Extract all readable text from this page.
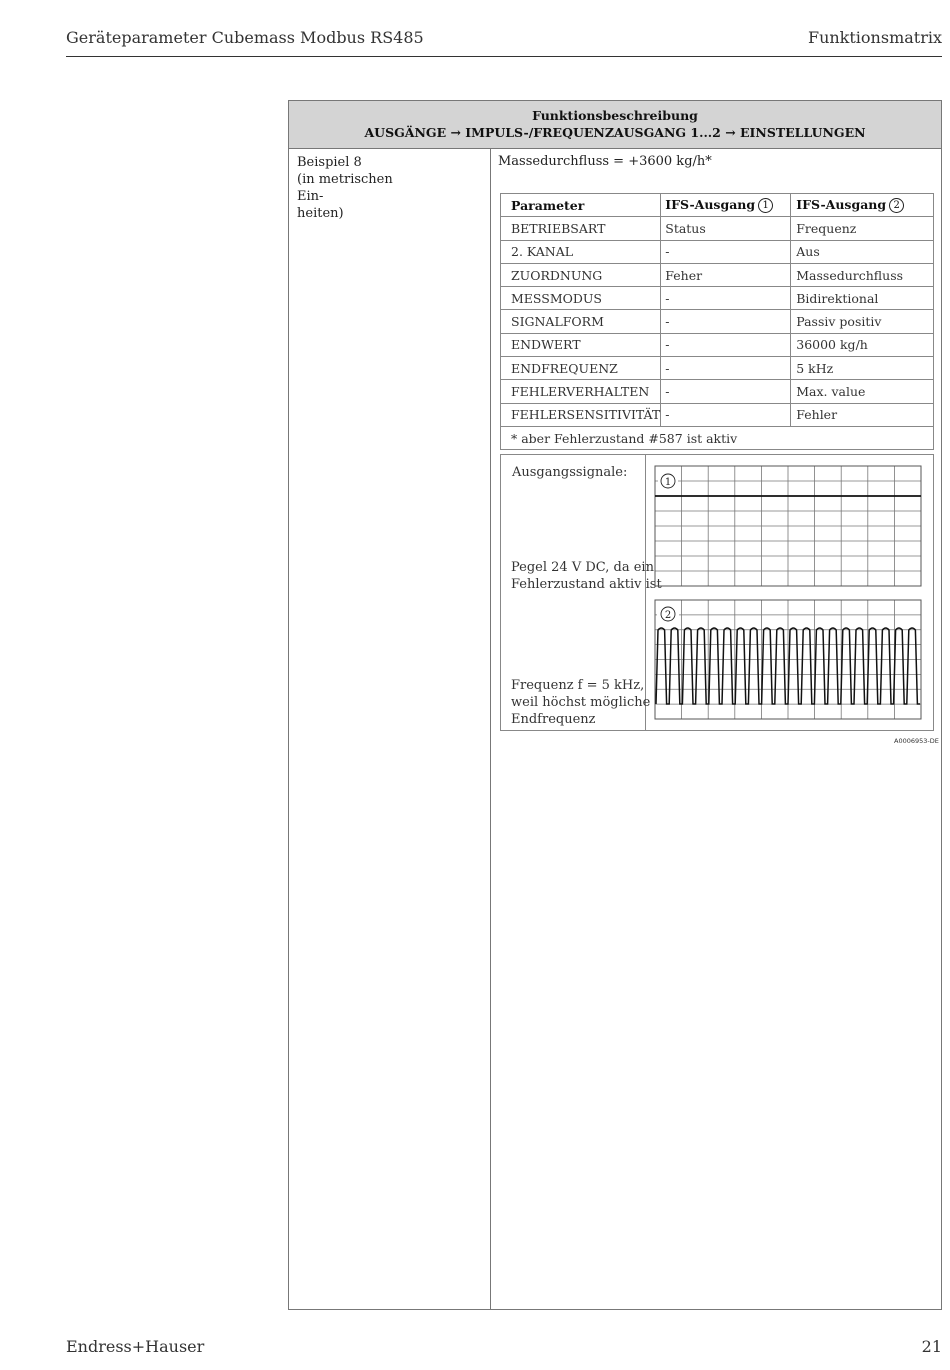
Geräteparameter Cubemass Modbus RS485	Funktionsmatrix
Funktionsbeschreibung
AUSGÄNGE → IMPULS-/FREQUENZAUSGANG 1...2 → EINSTELLUNGEN
Beispiel 8
(in metrischen Ein-
heiten)
Massedurchfluss = +3600 kg/h*
Parameter	IFS-Ausgang 1	IFS-Ausgang 2
BETRIEBSART	Status	Frequenz
2. KANAL	-	Aus
ZUORDNUNG	Feher	Massedurchfluss
MESSMODUS	-	Bidirektional
SIGNALFORM	-	Passiv positiv
ENDWERT	-	36000 kg/h
ENDFREQUENZ	-	5 kHz
FEHLERVERHALTEN	-	Max. value
FEHLERSENSITIVITÄT	-	Fehler
* aber Fehlerzustand #587 ist aktiv		
Ausgangssignale:
Pegel 24 V DC, da ein
Fehlerzustand aktiv ist
Frequenz f = 5 kHz,
weil höchst mögliche
Endfrequenz
1
2
A0006953-DE
Endress+Hauser	21
